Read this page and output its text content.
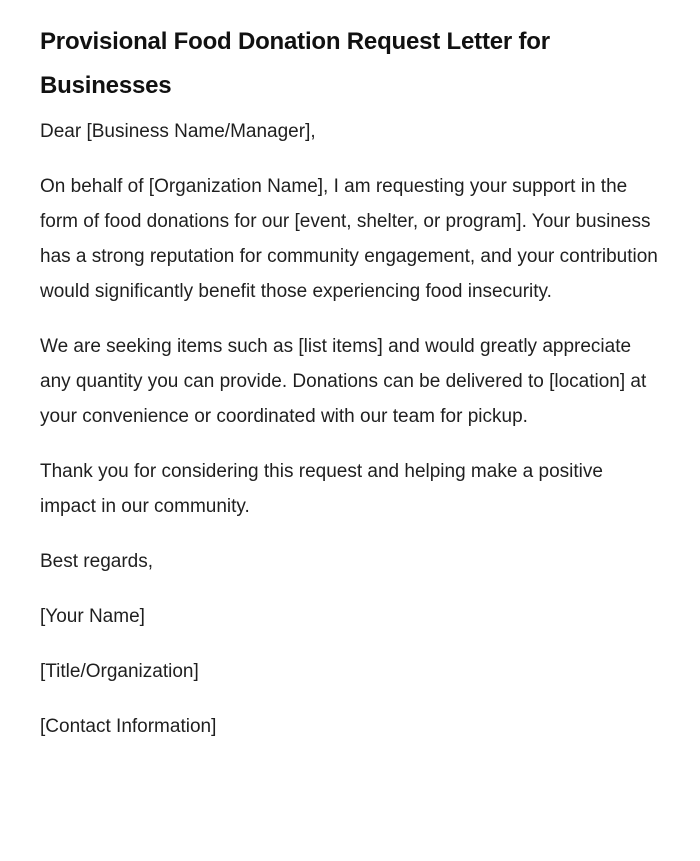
Provisional Food Donation Request Letter for Businesses

Dear [Business Name/Manager],

On behalf of [Organization Name], I am requesting your support in the form of food donations for our [event, shelter, or program]. Your business has a strong reputation for community engagement, and your contribution would significantly benefit those experiencing food insecurity.

We are seeking items such as [list items] and would greatly appreciate any quantity you can provide. Donations can be delivered to [location] at your convenience or coordinated with our team for pickup.

Thank you for considering this request and helping make a positive impact in our community.

Best regards,

[Your Name]

[Title/Organization]

[Contact Information]
